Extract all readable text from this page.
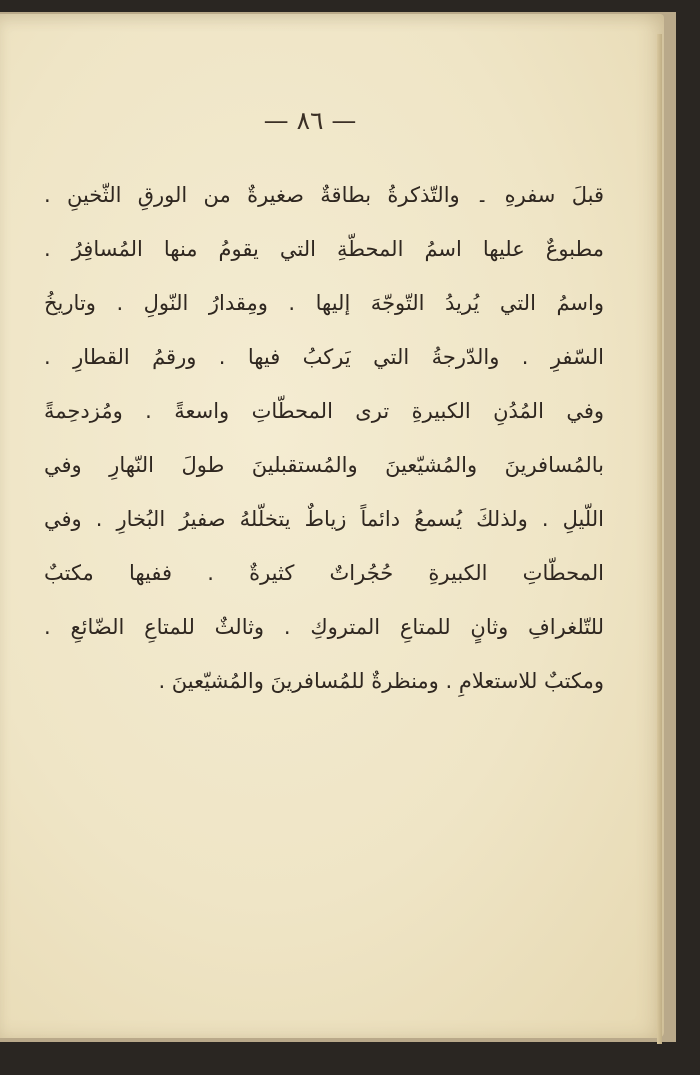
— ٨٦ —
قبلَ سفرهِ ۔ والتّذكرةُ بطاقةٌ صغيرةٌ من الورقِ الثّخينِ .
مطبوعٌ عليها اسمُ المحطّةِ التي يقومُ منها المُسافِرُ .
واسمُ التي يُريدُ التّوجّهَ إليها . ومِقدارُ النّولِ . وتاريخُ
السّفرِ . والدّرجةُ التي يَركبُ فيها . ورقمُ القطارِ .
وفي المُدُنِ الكبيرةِ ترى المحطّاتِ واسعةً . ومُزدحِمةً
بالمُسافرينَ والمُشيّعينَ والمُستقبلينَ طولَ النّهارِ وفي
اللّيلِ . ولذلكَ يُسمعُ دائماً زياطٌ يتخلّلهُ صفيرُ البُخارِ . وفي
المحطّاتِ الكبيرةِ حُجُراتٌ كثيرةٌ . ففيها مكتبٌ
للتّلغرافِ وثانٍ للمتاعِ المتروكِ . وثالثٌ للمتاعِ الضّائعِ .
ومكتبٌ للاستعلامِ . ومنظرةٌ للمُسافرينَ والمُشيّعينَ .
